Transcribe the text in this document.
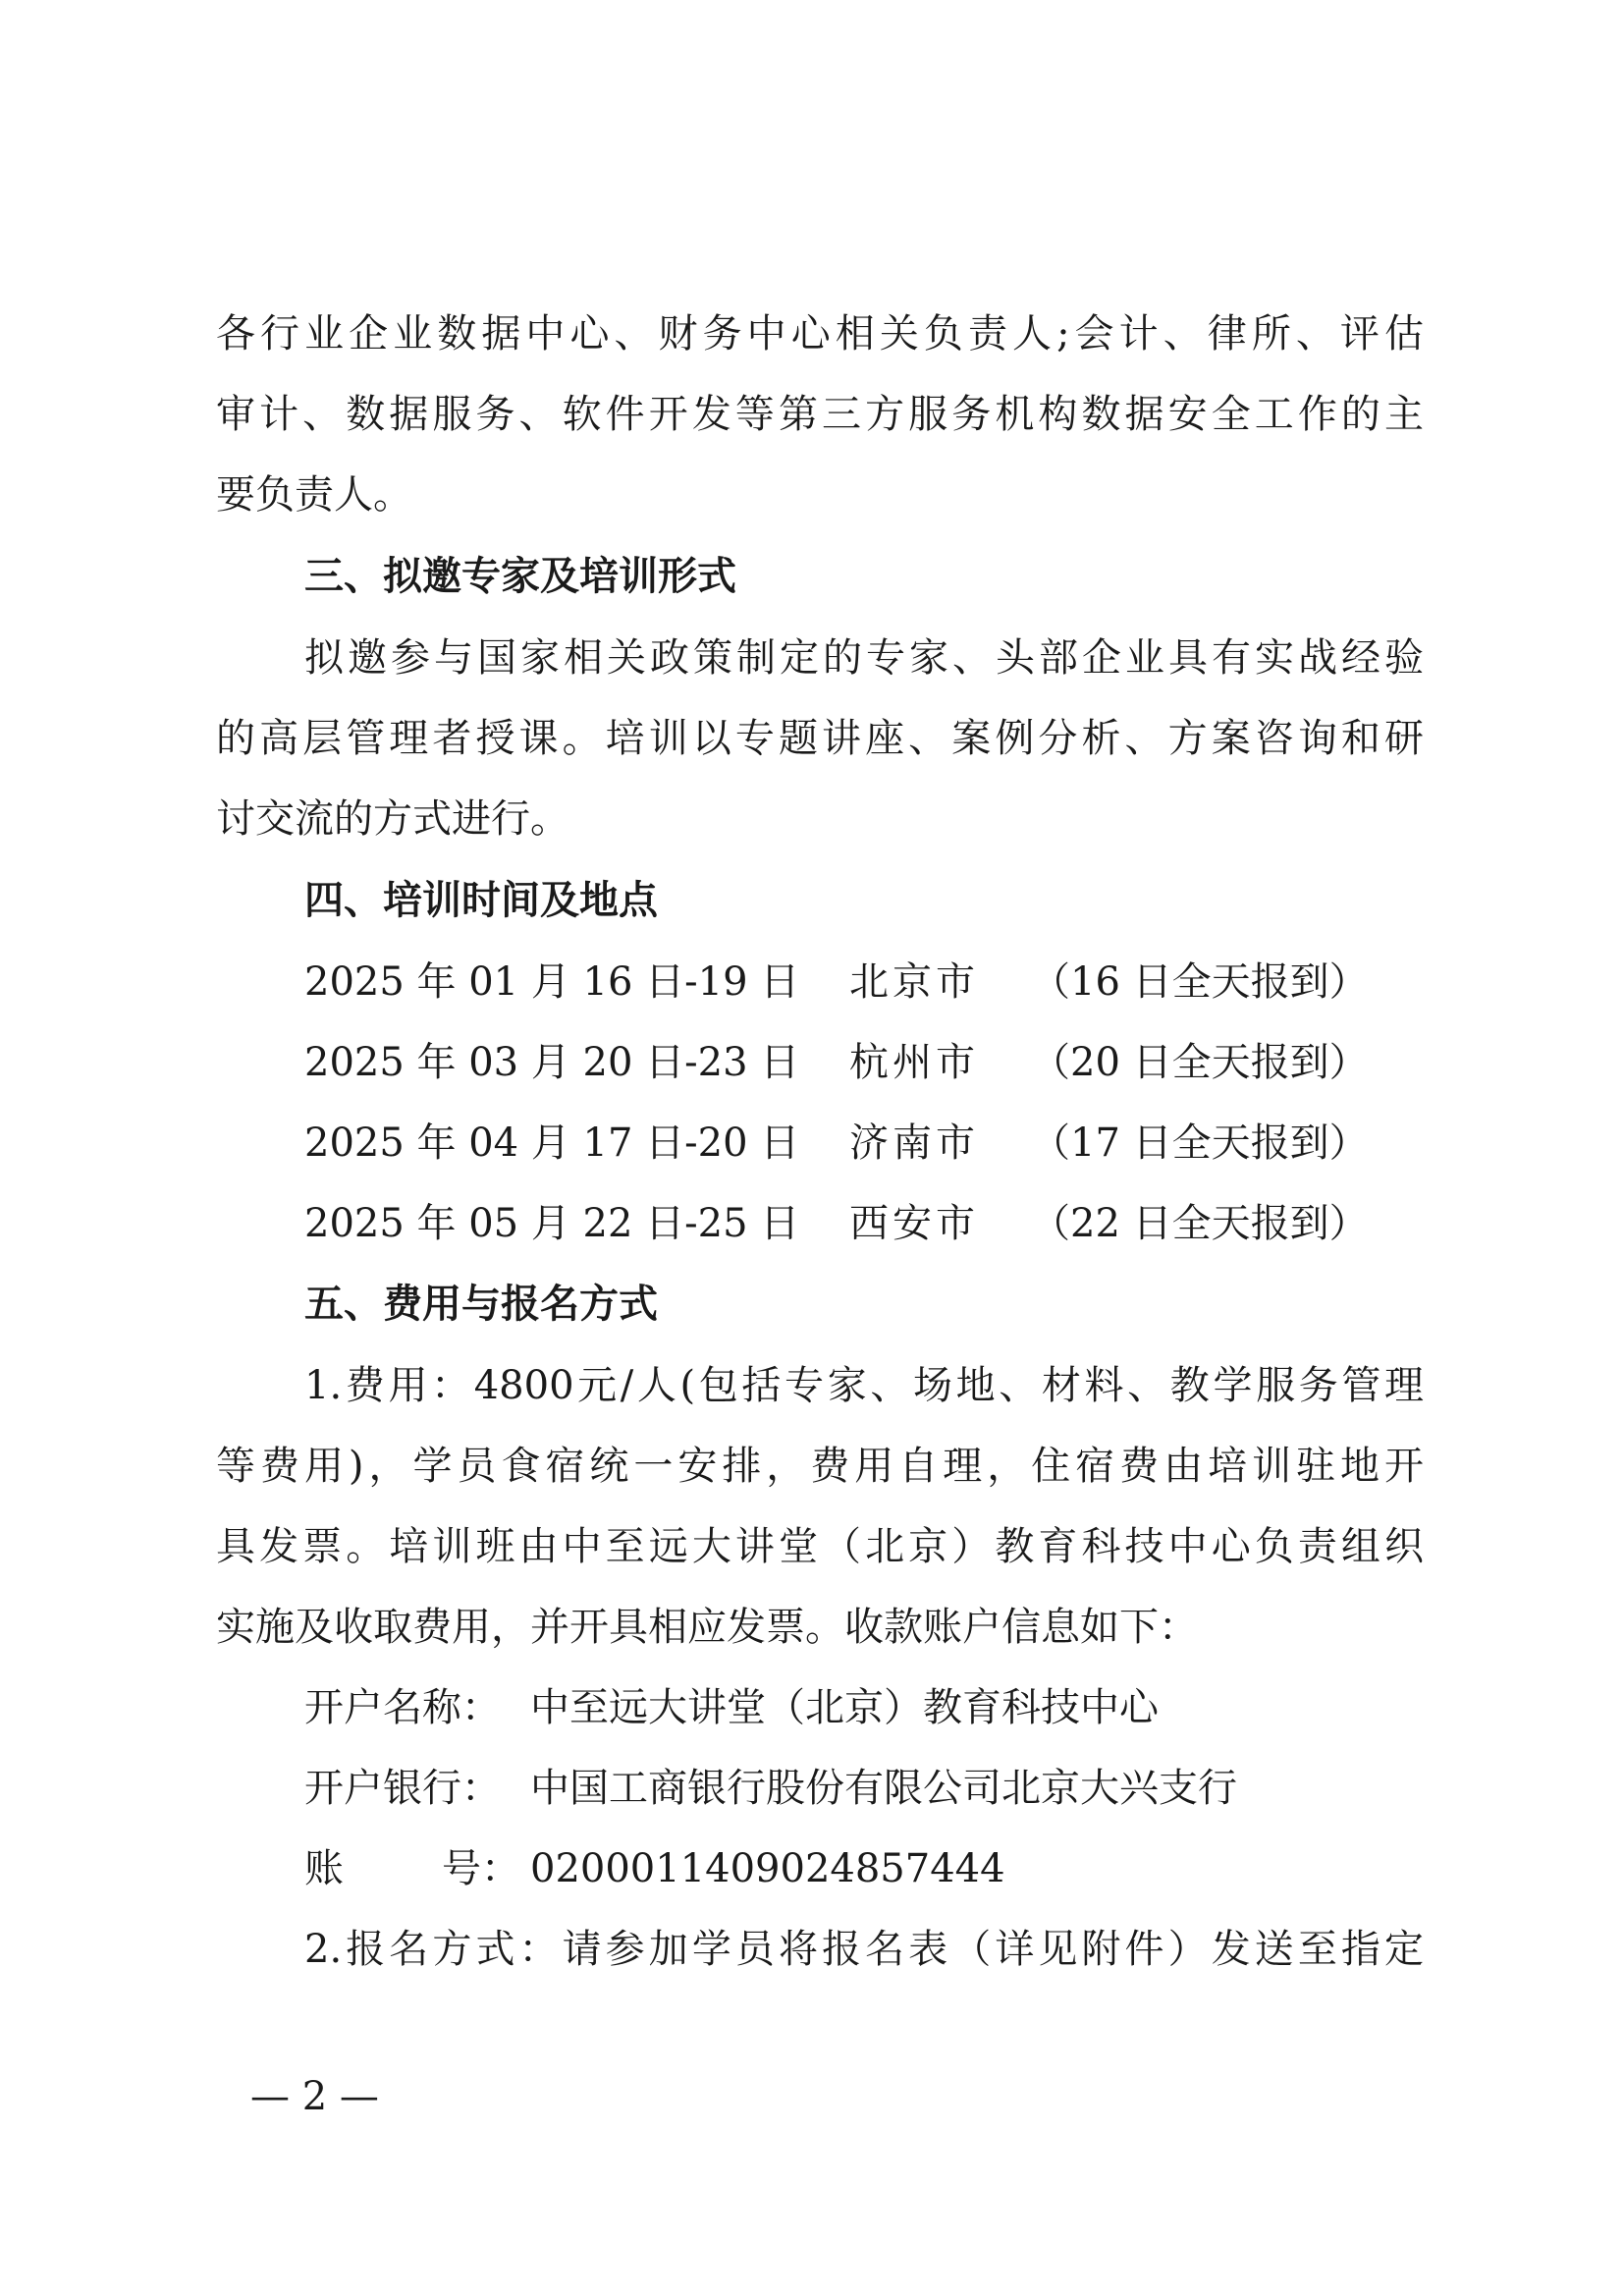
各行业企业数据中心、财务中心相关负责人;会计、律所、评估
审计、数据服务、软件开发等第三方服务机构数据安全工作的主
要负责人。
三、拟邀专家及培训形式
拟邀参与国家相关政策制定的专家、头部企业具有实战经验
的高层管理者授课。培训以专题讲座、案例分析、方案咨询和研
讨交流的方式进行。
四、培训时间及地点
2025 年 01 月 16 日-19 日 北京市 （16 日全天报到）
2025 年 03 月 20 日-23 日 杭州市 （20 日全天报到）
2025 年 04 月 17 日-20 日 济南市 （17 日全天报到）
2025 年 05 月 22 日-25 日 西安市 （22 日全天报到）
五、费用与报名方式
1.费用：4800元/人(包括专家、场地、材料、教学服务管理
等费用)，学员食宿统一安排，费用自理，住宿费由培训驻地开
具发票。培训班由中至远大讲堂（北京）教育科技中心负责组织
实施及收取费用，并开具相应发票。收款账户信息如下：
开户名称： 中至远大讲堂（北京）教育科技中心
开户银行： 中国工商银行股份有限公司北京大兴支行
账	号： 0200011409024857444
2.报名方式：请参加学员将报名表（详见附件）发送至指定
— 2 —
